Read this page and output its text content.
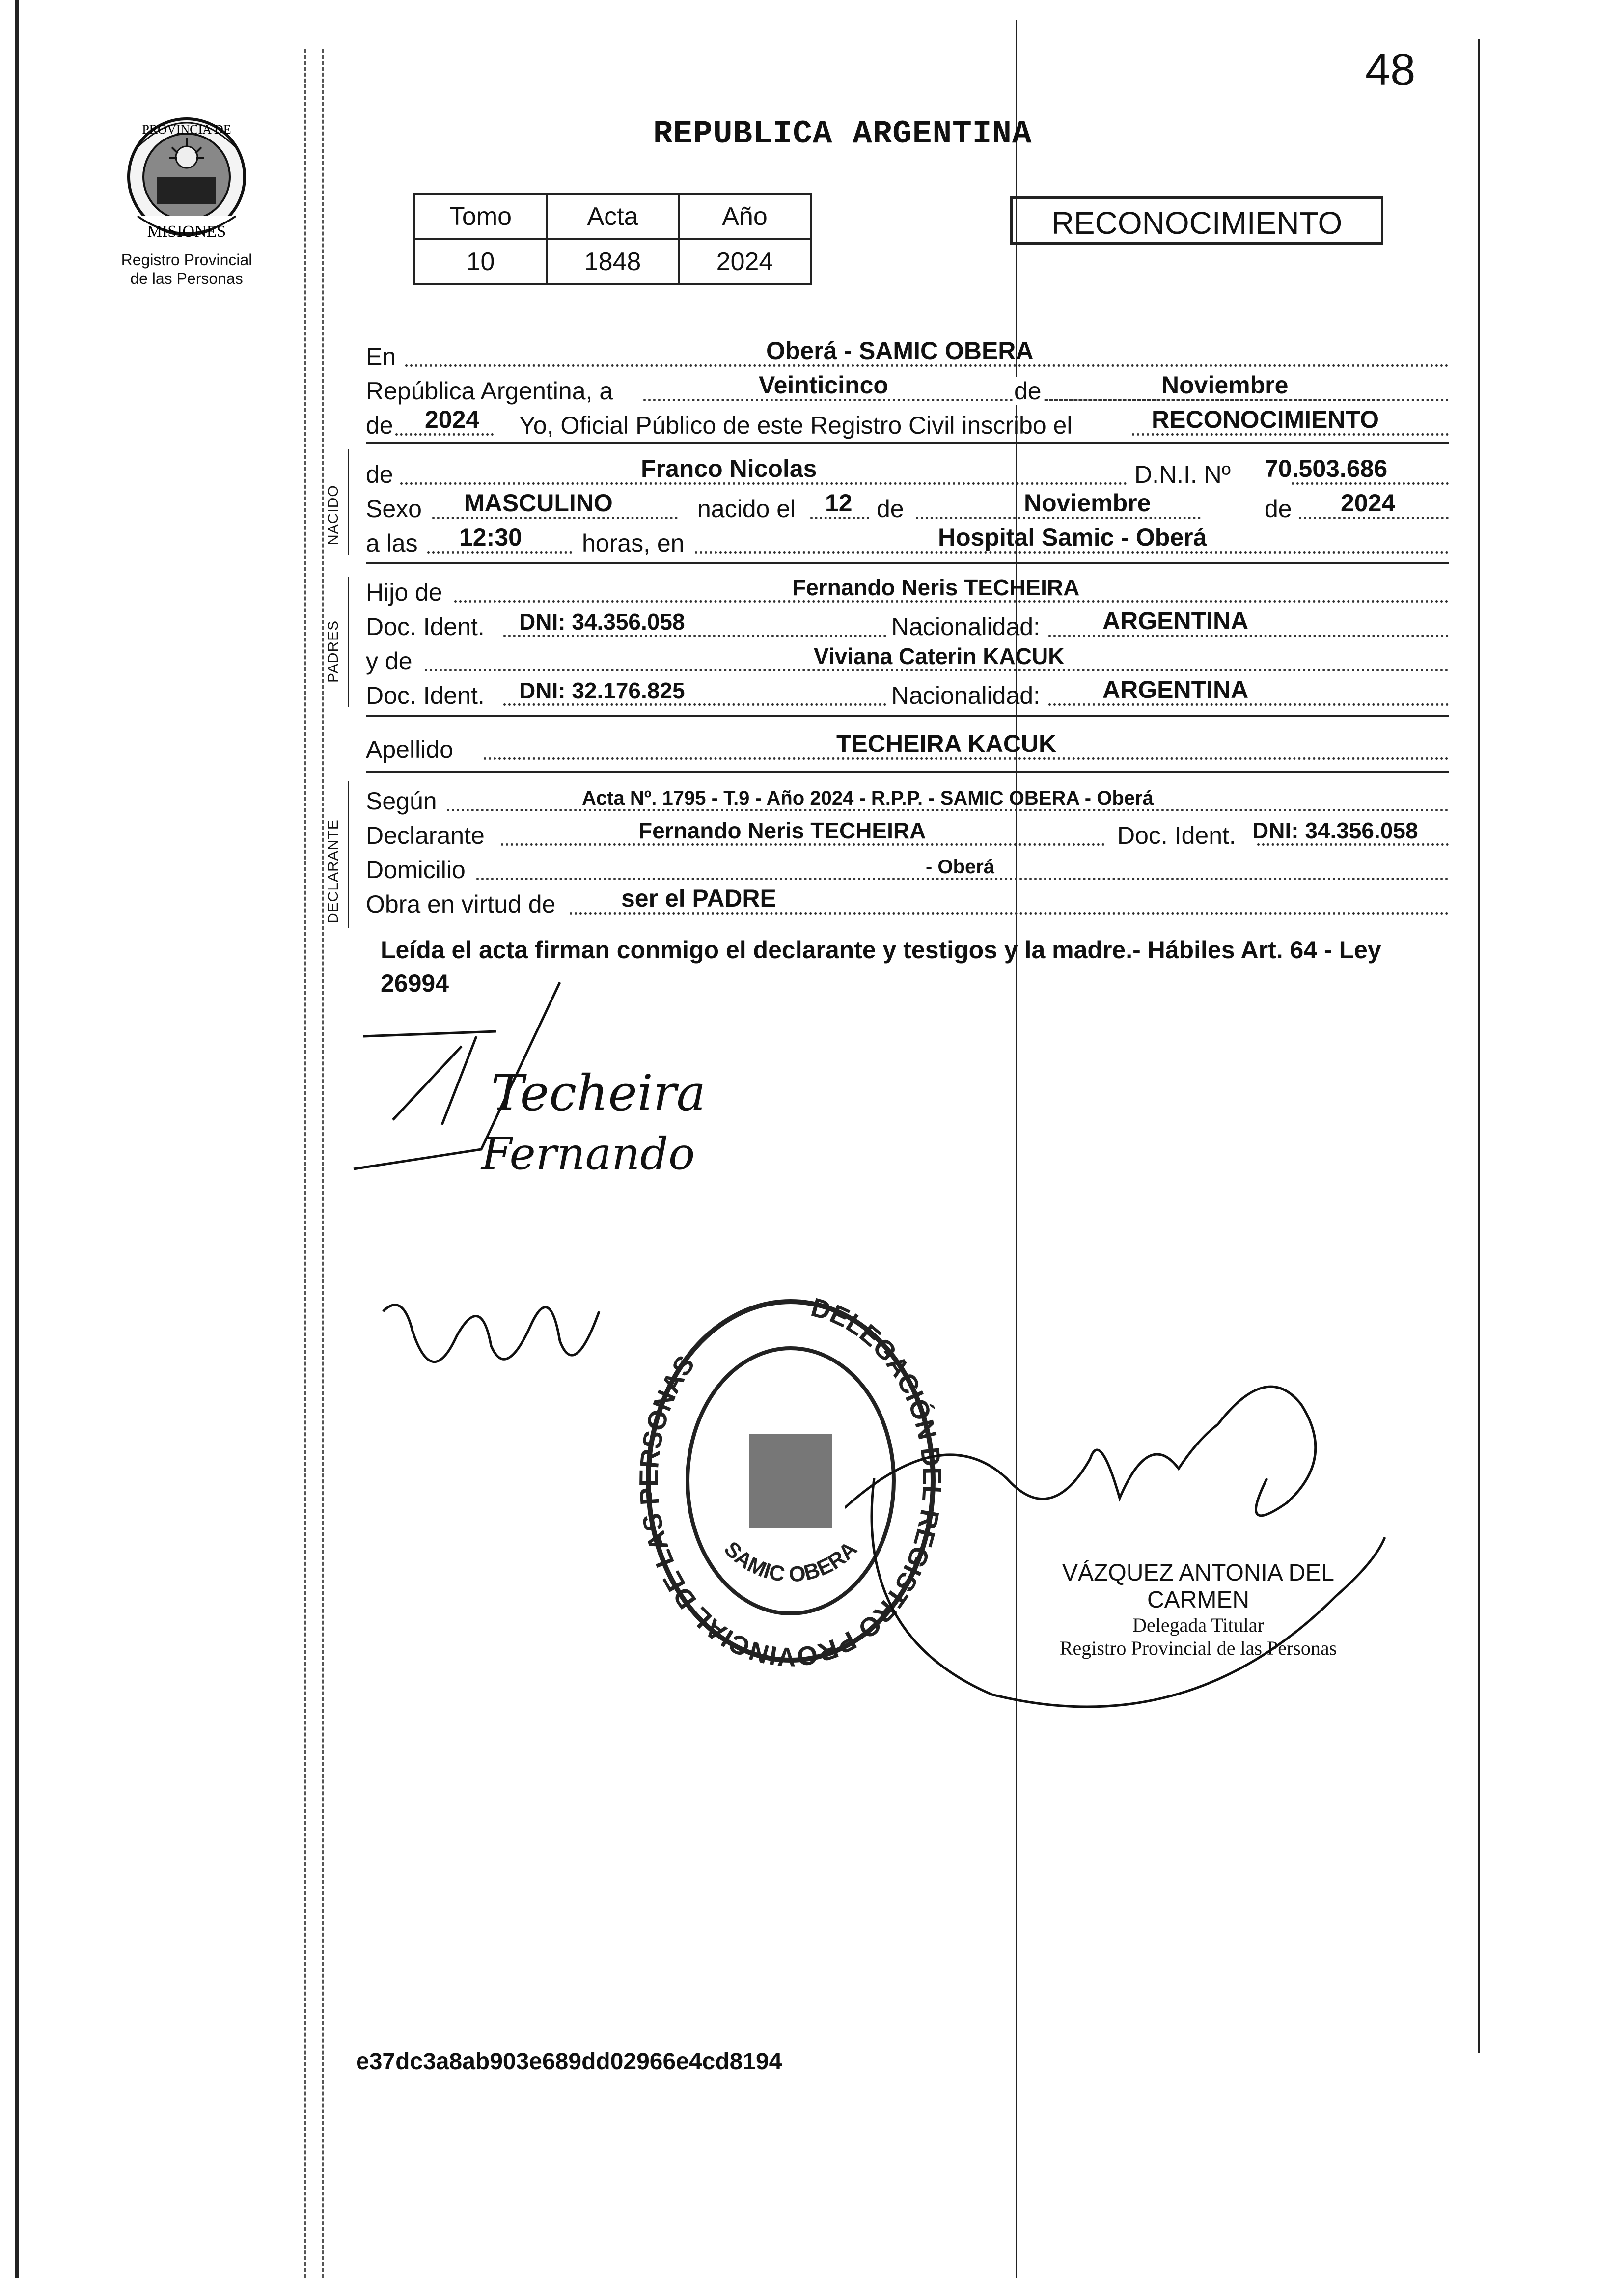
48
PROVINCIA DE
MISIONES
Registro Provincial
de las Personas
REPUBLICA ARGENTINA
Tomo	Acta	Año
10	1848	2024
RECONOCIMIENTO
NACIDO
PADRES
DECLARANTE
En	Oberá - SAMIC OBERA
República Argentina, a	Veinticinco	de	Noviembre
de 2024 Yo, Oficial Público de este Registro Civil inscribo el	RECONOCIMIENTO
de	Franco Nicolas	D.N.I. Nº 70.503.686
Sexo MASCULINO	nacido el 12 de	Noviembre	de 2024
a las 12:30 horas, en	Hospital Samic - Oberá
Hijo de	Fernando Neris TECHEIRA
Doc. Ident. DNI: 34.356.058	Nacionalidad:	ARGENTINA
y de	Viviana Caterin KACUK
Doc. Ident. DNI: 32.176.825	Nacionalidad:	ARGENTINA
Apellido	TECHEIRA KACUK
Según	Acta Nº. 1795 - T.9 - Año 2024 - R.P.P. - SAMIC OBERA - Oberá
Declarante	Fernando Neris TECHEIRA	Doc. Ident. DNI: 34.356.058
Domicilio	- Oberá
Obra en virtud de	ser el PADRE
Leída el acta firman conmigo el declarante y testigos y la madre.- Hábiles Art. 64 - Ley 26994
Techeira
Fernando
DELEGACIÓN REGISTRO PROVINCIAL DE LAS SONAS
SAMIC OBERA
VÁZQUEZ ANTONIA DEL CARMEN
Delegada Titular
Registro Provincial de las Personas
e37dc3a8ab903e689dd02966e4cd8194
